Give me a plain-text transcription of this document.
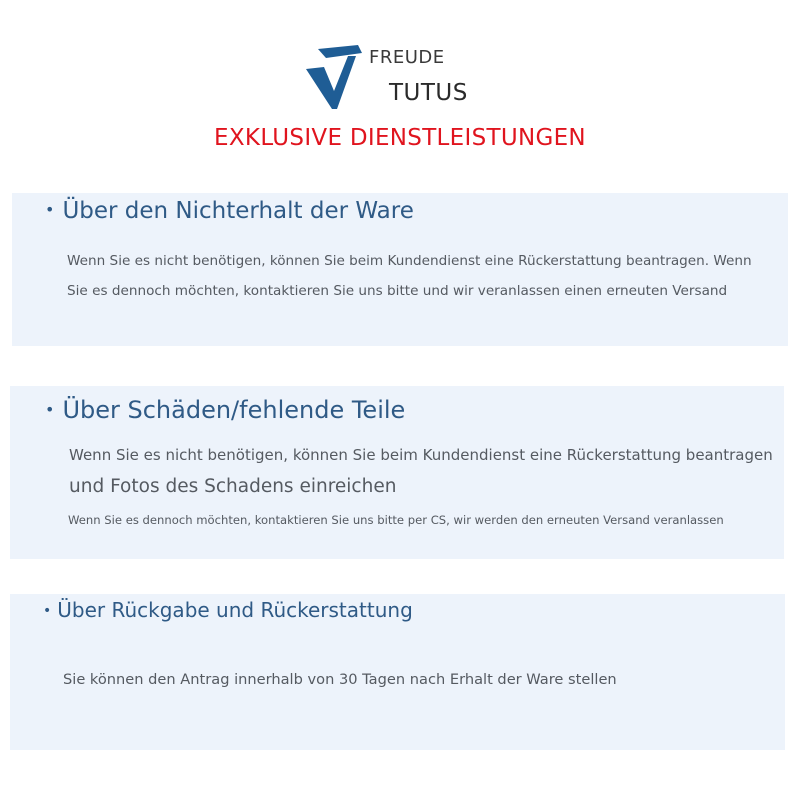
FREUDE
TUTUS
EXKLUSIVE DIENSTLEISTUNGEN
• Über den Nichterhalt der Ware
Wenn Sie es nicht benötigen, können Sie beim Kundendienst eine Rückerstattung beantragen. Wenn
Sie es dennoch möchten, kontaktieren Sie uns bitte und wir veranlassen einen erneuten Versand
• Über Schäden/fehlende Teile
Wenn Sie es nicht benötigen, können Sie beim Kundendienst eine Rückerstattung beantragen
und Fotos des Schadens einreichen
Wenn Sie es dennoch möchten, kontaktieren Sie uns bitte per CS, wir werden den erneuten Versand veranlassen
• Über Rückgabe und Rückerstattung
Sie können den Antrag innerhalb von 30 Tagen nach Erhalt der Ware stellen
